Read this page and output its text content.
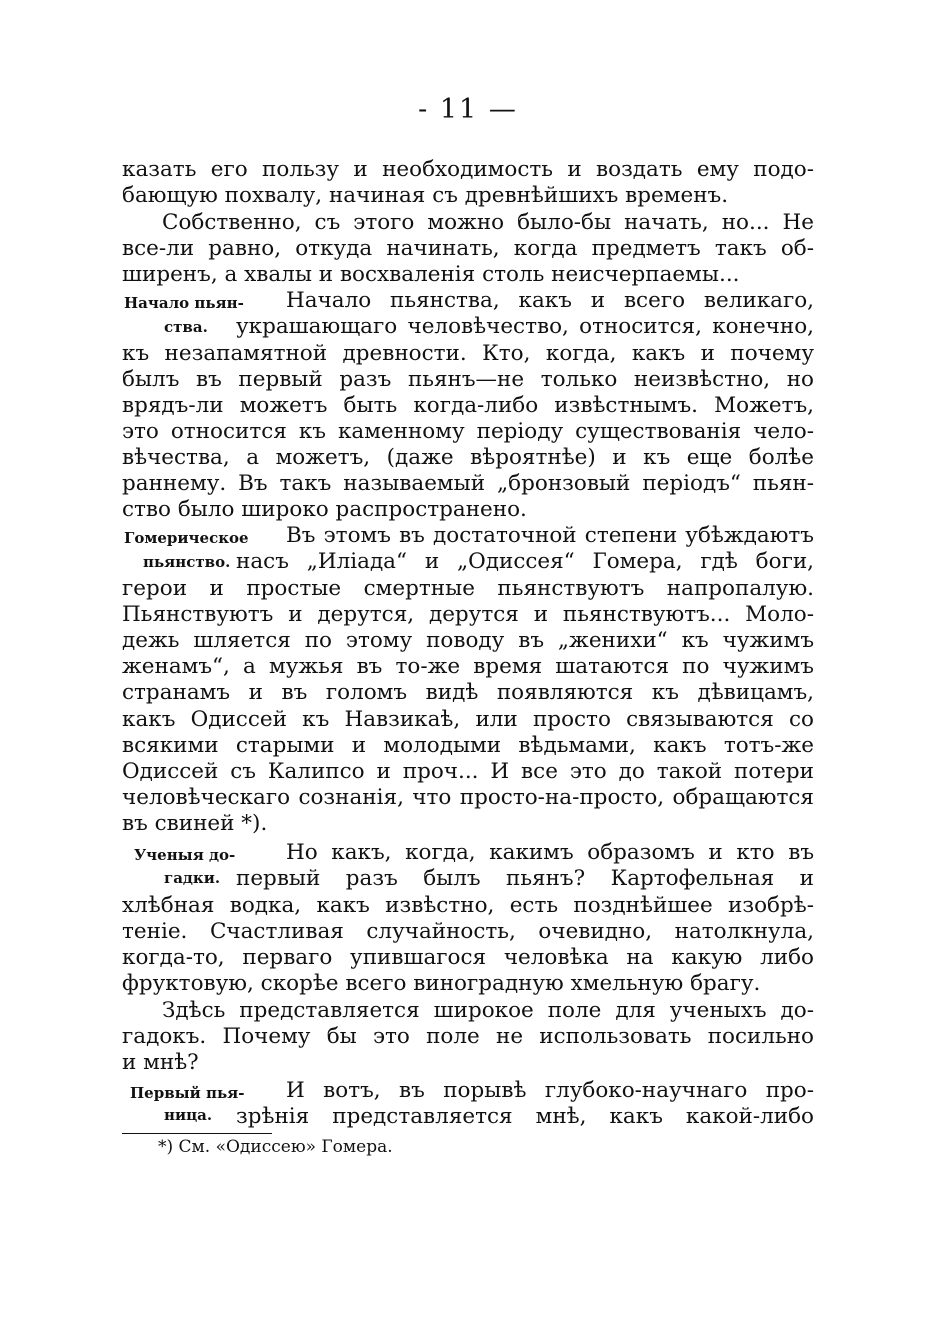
- 11 —
казать его пользу и необходимость и воздать ему подо-
бающую похвалу, начиная съ древнѣйшихъ временъ.
Собственно, съ этого можно было-бы начать, но... Не
все-ли равно, откуда начинать, когда предметъ такъ об-
ширенъ, а хвалы и восхваленія столь неисчерпаемы...
Начало пьянства, какъ и всего великаго,
украшающаго человѣчество, относится, конечно,
къ незапамятной древности. Кто, когда, какъ и почему
былъ въ первый разъ пьянъ—не только неизвѣстно, но
врядъ-ли можетъ быть когда-либо извѣстнымъ. Можетъ,
это относится къ каменному періоду существованія чело-
вѣчества, а можетъ, (даже вѣроятнѣе) и къ еще болѣе
раннему. Въ такъ называемый „бронзовый періодъ“ пьян-
ство было широко распространено.
Въ этомъ въ достаточной степени убѣждаютъ
насъ „Иліада“ и „Одиссея“ Гомера, гдѣ боги,
герои и простые смертные пьянствуютъ напропалую.
Пьянствуютъ и дерутся, дерутся и пьянствуютъ... Моло-
дежь шляется по этому поводу въ „женихи“ къ чужимъ
женамъ“, а мужья въ то-же время шатаются по чужимъ
странамъ и въ голомъ видѣ появляются къ дѣвицамъ,
какъ Одиссей къ Навзикаѣ, или просто связываются со
всякими старыми и молодыми вѣдьмами, какъ тотъ-же
Одиссей съ Калипсо и проч... И все это до такой потери
человѣческаго сознанія, что просто-на-просто, обращаются
въ свиней *).
Но какъ, когда, какимъ образомъ и кто въ
первый разъ былъ пьянъ? Картофельная и
хлѣбная водка, какъ извѣстно, есть позднѣйшее изобрѣ-
теніе. Счастливая случайность, очевидно, натолкнула,
когда-то, перваго упившагося человѣка на какую либо
фруктовую, скорѣе всего виноградную хмельную брагу.
Здѣсь представляется широкое поле для ученыхъ до-
гадокъ. Почему бы это поле не использовать посильно
и мнѣ?
И вотъ, въ порывѣ глубоко-научнаго про-
зрѣнія представляется мнѣ, какъ какой-либо
Начало пьян-
ства.
Гомерическое
пьянство.
Ученыя до-
гадки.
Первый пья-
ница.
*) См. «Одиссею» Гомера.
